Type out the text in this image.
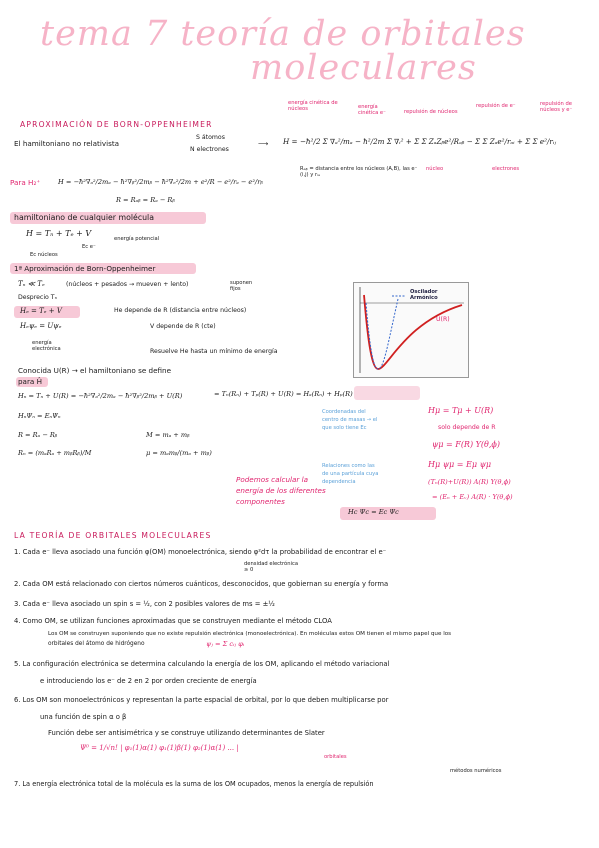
tema 7 teoría de orbitales
moleculares
APROXIMACIÓN DE BORN-OPPENHEIMER
El hamiltoniano no relativista
S átomos
N electrones
⟶
energía cinética de núcleos	energía cinética e⁻	repulsión de núcleos
repulsión de e⁻	repulsión de núcleos y e⁻
H = −ħ²/2 Σ ∇ₐ²/mₐ − ħ²/2m Σ ∇ᵢ² + Σ Σ ZₐZᵦe²/Rₐᵦ − Σ Σ Zₐe²/rₐᵢ + Σ Σ e²/rᵢⱼ
núcleo	electrones
Rₐᵦ = distancia entre los núcleos (A,B), las e⁻ (i,j) y rᵢₐ
Para H₂⁺	H = −ħ²∇ₐ²/2mₐ − ħ²∇ᵦ²/2mᵦ − ħ²∇ₑ²/2m + e²/R − e²/rₐ − e²/rᵦ
R = Rₐᵦ = Rₐ − Rᵦ
hamiltoniano de cualquier molécula
H = Tₙ + Tₑ + V
energía potencial
Ec e⁻
Ec núcleos
1ª Aproximación de Born-Oppenheimer
Tₙ ≪ Tₑ	(núcleos + pesados → mueven + lento)	suponen fijos
Desprecio Tₙ
Hₑ = Tₑ + V	He depende de R (distancia entre núcleos)
Hₑψₑ = Uψₑ	V depende de R (cte)
energía electrónica	Resuelve He hasta un mínimo de energía
Oscilador
Armónico
U(R)
Conocida U(R) → el hamiltoniano se define
para Ĥ
Hₙ = Tₙ + U(R) = −ħ²∇ₐ²/2mₐ − ħ²∇ᵦ²/2mᵦ + U(R)	= Tₙ(Rₙ) + Tₚ(R) + U(R) = Hₐ(Rₙ) + Hₚ(R)
HₙΨₙ = EₙΨₙ
R = Rₐ − Rᵦ	M = mₐ + mᵦ
Rₙ = (mₐRₐ + mᵦRᵦ)/M	μ = mₐmᵦ/(mₐ + mᵦ)
Coordenadas del centro de masas → el que solo tiene Ec
Relaciones como las de una partícula cuya dependencia
Podemos calcular la energía de los diferentes componentes
Hc Ψc = Ec Ψc
Hμ = Tμ + U(R)
solo depende de R
ψμ = F(R) Y(θ,ϕ)
Hμ ψμ = Eμ ψμ
(Tₙ(R)+U(R)) A(R) Y(θ,ϕ)
= (Eₙ + Eᵥ) A(R) · Y(θ,ϕ)
LA TEORÍA DE ORBITALES MOLECULARES
1. Cada e⁻ lleva asociado una función φ(OM) monoelectrónica, siendo φ²dτ la probabilidad de encontrar el e⁻
densidad electrónica ≥ 0
2. Cada OM está relacionado con ciertos números cuánticos, desconocidos, que gobiernan su energía y forma
3. Cada e⁻ lleva asociado un spin s = ½, con 2 posibles valores de ms = ±½
4. Como OM, se utilizan funciones aproximadas que se construyen mediante el método CLOA
Los OM se construyen suponiendo que no existe repulsión electrónica (monoelectrónica). En moléculas estos OM tienen el mismo papel que los
orbitales del átomo de hidrógeno	ψⱼ = Σ cᵢⱼ φᵢ
5. La configuración electrónica se determina calculando la energía de los OM, aplicando el método variacional
e introduciendo los e⁻ de 2 en 2 por orden creciente de energía
6. Los OM son monoelectrónicos y representan la parte espacial de orbital, por lo que deben multiplicarse por
una función de spin α o β
Función debe ser antisimétrica y se construye utilizando determinantes de Slater
Ψ⁰ = 1/√n! | φ₁(1)α(1) φ₁(1)β(1) φ₂(1)α(1) ... |
orbitales
métodos numéricos
7. La energía electrónica total de la molécula es la suma de los OM ocupados, menos la energía de repulsión
